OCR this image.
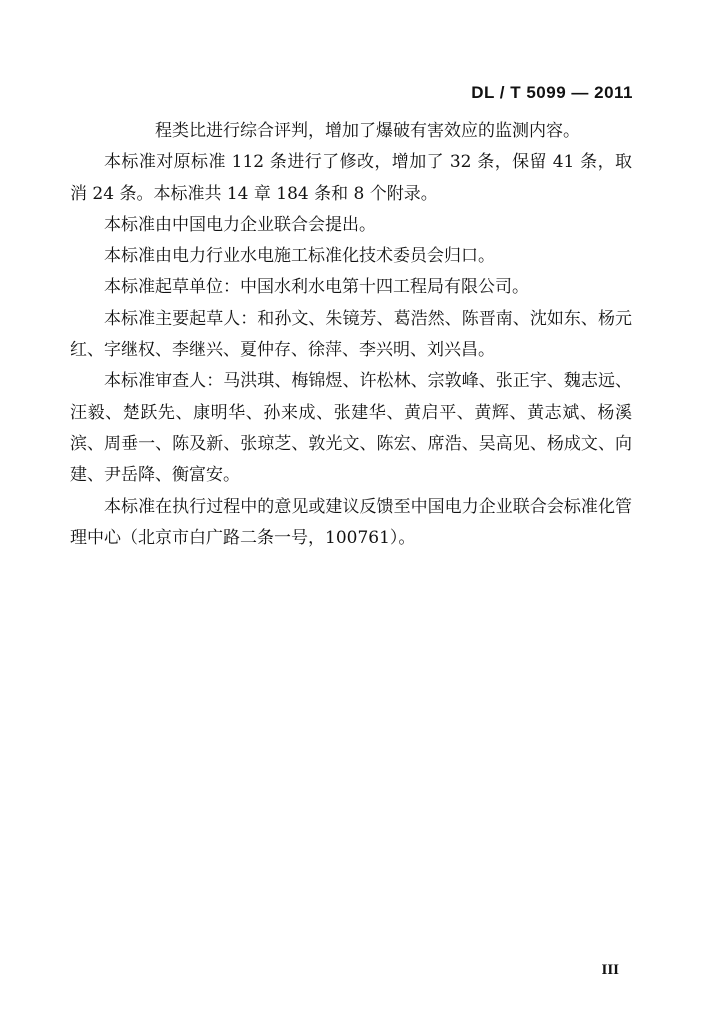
DL / T 5099 — 2011

程类比进行综合评判，增加了爆破有害效应的监测内容。

本标准对原标准 112 条进行了修改，增加了 32 条，保留 41 条，取消 24 条。本标准共 14 章 184 条和 8 个附录。

本标准由中国电力企业联合会提出。

本标准由电力行业水电施工标准化技术委员会归口。

本标准起草单位：中国水利水电第十四工程局有限公司。

本标准主要起草人：和孙文、朱镜芳、葛浩然、陈晋南、沈如东、杨元红、字继权、李继兴、夏仲存、徐萍、李兴明、刘兴昌。

本标准审查人：马洪琪、梅锦煜、许松林、宗敦峰、张正宇、魏志远、汪毅、楚跃先、康明华、孙来成、张建华、黄启平、黄辉、黄志斌、杨溪滨、周垂一、陈及新、张琼芝、敦光文、陈宏、席浩、吴高见、杨成文、向建、尹岳降、衡富安。

本标准在执行过程中的意见或建议反馈至中国电力企业联合会标准化管理中心（北京市白广路二条一号，100761）。

III
